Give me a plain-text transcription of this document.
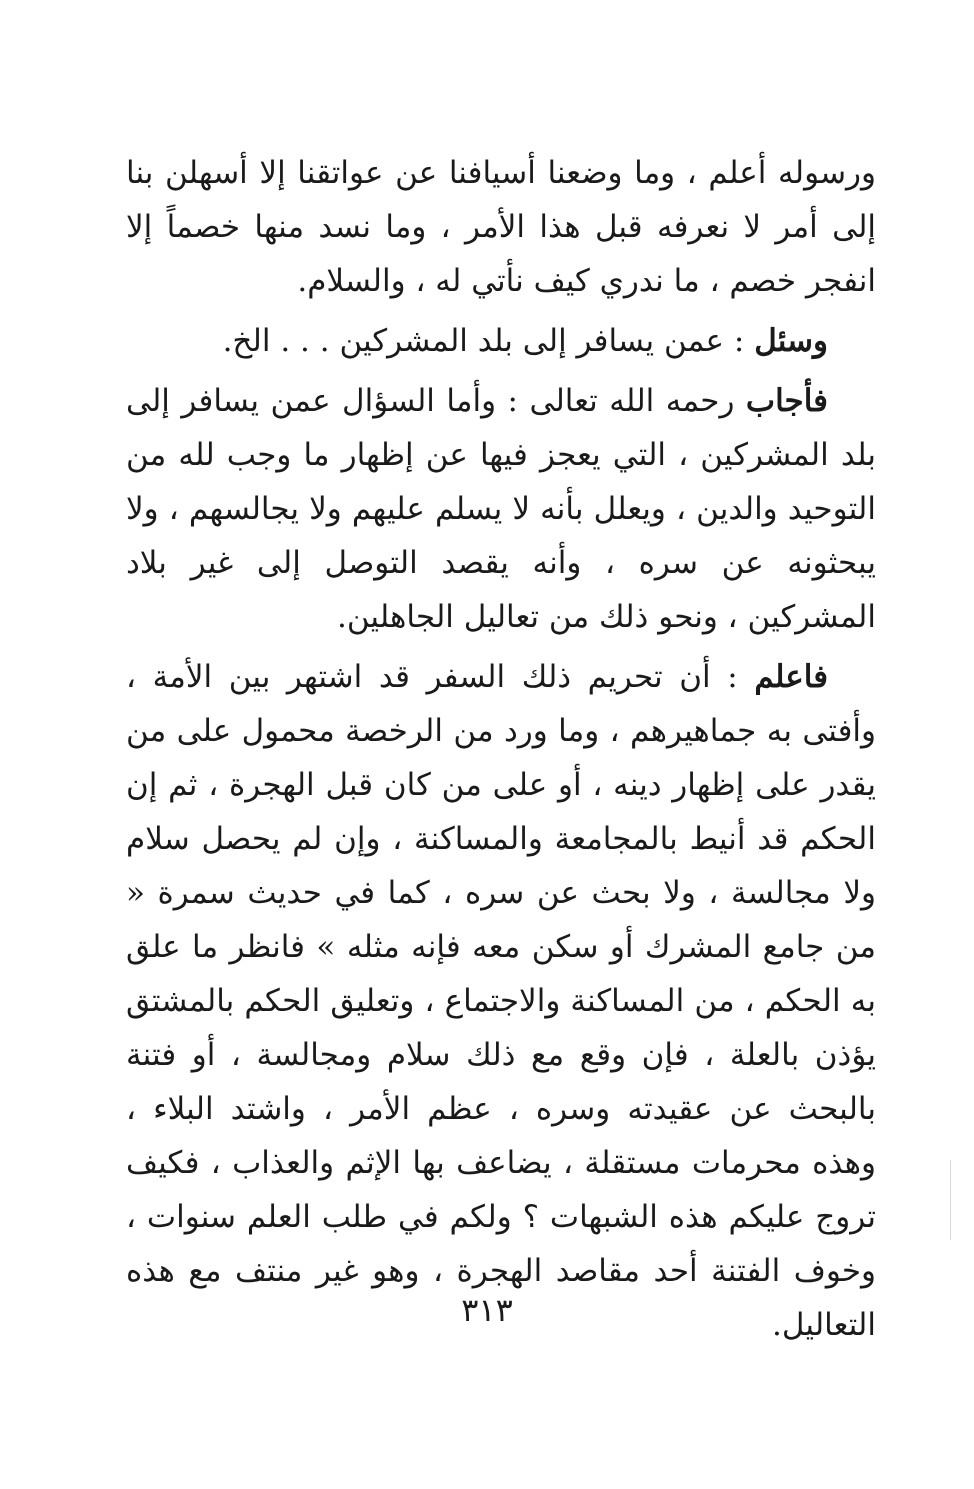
ورسوله أعلم ، وما وضعنا أسيافنا عن عواتقنا إلا أسهلن بنا إلى أمر لا نعرفه قبل هذا الأمر ، وما نسد منها خصماً إلا انفجر خصم ، ما ندري كيف نأتي له ، والسلام.

وسئل : عمن يسافر إلى بلد المشركين . . . الخ.

فأجاب رحمه الله تعالى : وأما السؤال عمن يسافر إلى بلد المشركين ، التي يعجز فيها عن إظهار ما وجب لله من التوحيد والدين ، ويعلل بأنه لا يسلم عليهم ولا يجالسهم ، ولا يبحثونه عن سره ، وأنه يقصد التوصل إلى غير بلاد المشركين ، ونحو ذلك من تعاليل الجاهلين.

فاعلم : أن تحريم ذلك السفر قد اشتهر بين الأمة ، وأفتى به جماهيرهم ، وما ورد من الرخصة محمول على من يقدر على إظهار دينه ، أو على من كان قبل الهجرة ، ثم إن الحكم قد أنيط بالمجامعة والمساكنة ، وإن لم يحصل سلام ولا مجالسة ، ولا بحث عن سره ، كما في حديث سمرة « من جامع المشرك أو سكن معه فإنه مثله » فانظر ما علق به الحكم ، من المساكنة والاجتماع ، وتعليق الحكم بالمشتق يؤذن بالعلة ، فإن وقع مع ذلك سلام ومجالسة ، أو فتنة بالبحث عن عقيدته وسره ، عظم الأمر ، واشتد البلاء ، وهذه محرمات مستقلة ، يضاعف بها الإثم والعذاب ، فكيف تروج عليكم هذه الشبهات ؟ ولكم في طلب العلم سنوات ، وخوف الفتنة أحد مقاصد الهجرة ، وهو غير منتف مع هذه التعاليل.

٣١٣
